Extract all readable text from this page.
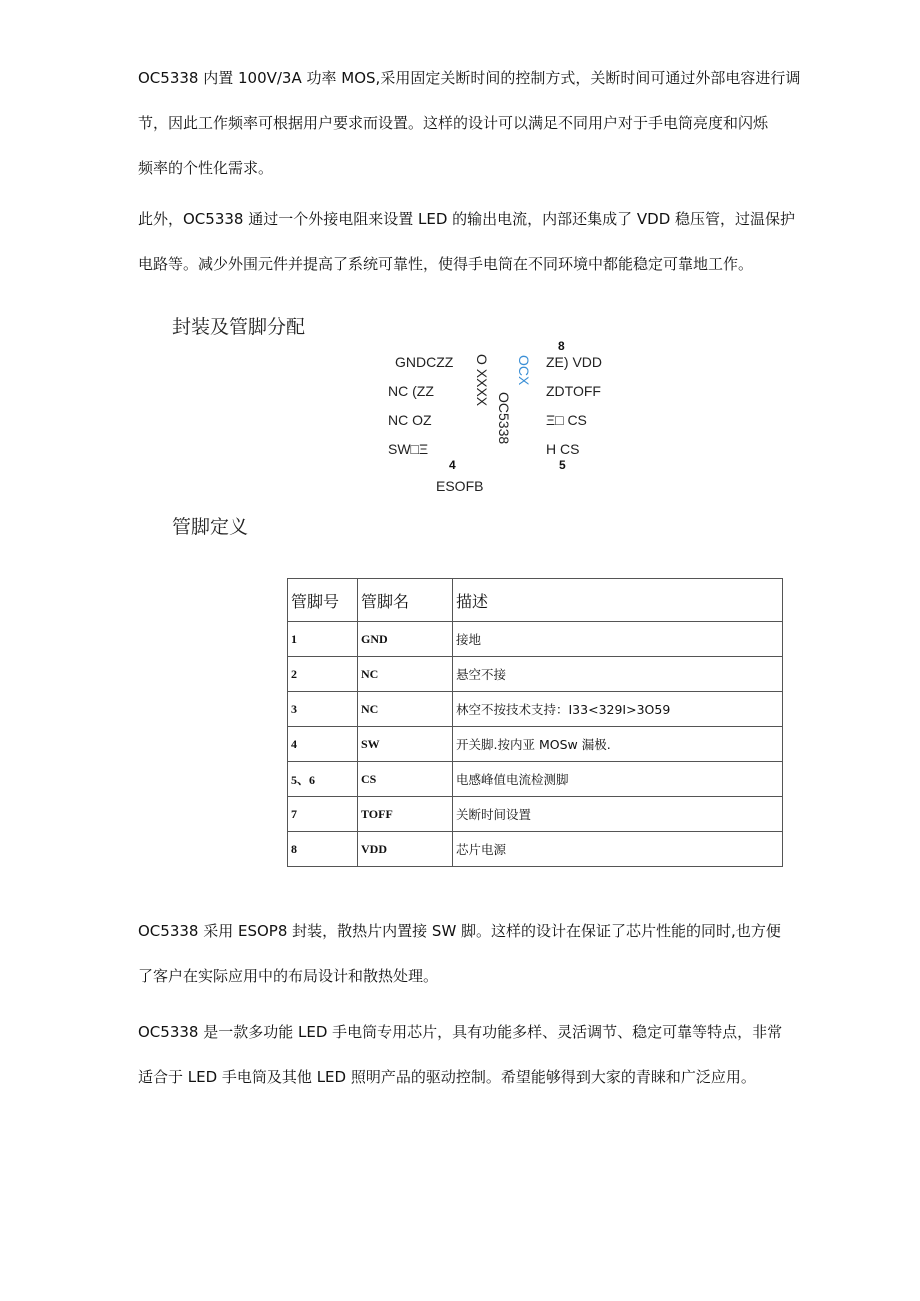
OC5338 内置 100V/3A 功率 MOS,采用固定关断时间的控制方式，关断时间可通过外部电容进行调
节，因此工作频率可根据用户要求而设置。这样的设计可以满足不同用户对于手电筒亮度和闪烁
频率的个性化需求。

此外，OC5338 通过一个外接电阻来设置 LED 的输出电流，内部还集成了 VDD 稳压管，过温保护
电路等。减少外围元件并提高了系统可靠性，使得手电筒在不同环境中都能稳定可靠地工作。

封装及管脚分配
8
GNDCZZ
NC (ZZ
NC OZ
SW□Ξ
ZE) VDD
ZDTOFF
Ξ□ CS
H CS
O XXXX OCX
OC5338
4	5
ESOFB
管脚定义
管脚号	管脚名	描述
1	GND	接地
2	NC	悬空不接
3	NC	林空不按技术支持：I33<329I>3O59
4	SW	开关脚.按内亚 MOSw 漏极.
5、6	CS	电感峰值电流检测脚
7	TOFF	关断时间设置
8	VDD	芯片电源

OC5338 采用 ESOP8 封装，散热片内置接 SW 脚。这样的设计在保证了芯片性能的同时,也方便
了客户在实际应用中的布局设计和散热处理。

OC5338 是一款多功能 LED 手电筒专用芯片，具有功能多样、灵活调节、稳定可靠等特点，非常
适合于 LED 手电筒及其他 LED 照明产品的驱动控制。希望能够得到大家的青睐和广泛应用。
